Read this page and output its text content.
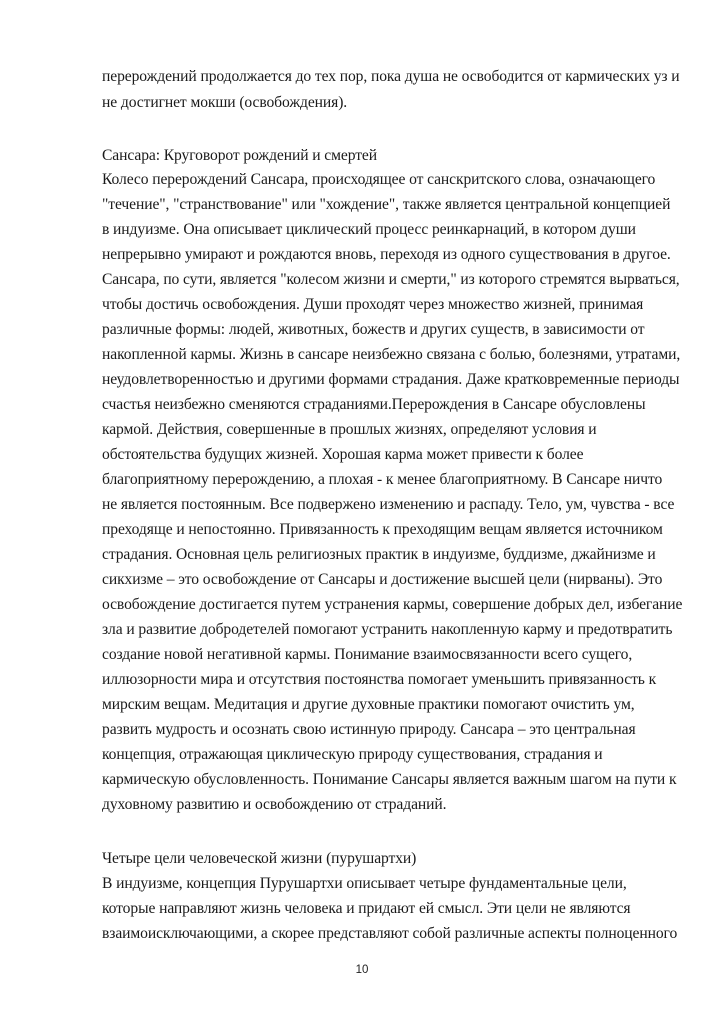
перерождений продолжается до тех пор, пока душа не освободится от кармических уз и
не достигнет мокши (освобождения).
Сансара: Круговорот рождений и смертей
Колесо перерождений Сансара, происходящее от санскритского слова, означающего
"течение", "странствование" или "хождение", также является центральной концепцией
в индуизме. Она описывает циклический процесс реинкарнаций, в котором души
непрерывно умирают и рождаются вновь, переходя из одного существования в другое.
Сансара, по сути, является "колесом жизни и смерти," из которого стремятся вырваться,
чтобы достичь освобождения. Души проходят через множество жизней, принимая
различные формы: людей, животных, божеств и других существ, в зависимости от
накопленной кармы. Жизнь в сансаре неизбежно связана с болью, болезнями, утратами,
неудовлетворенностью и другими формами страдания. Даже кратковременные периоды
счастья неизбежно сменяются страданиями.Перерождения в Сансаре обусловлены
кармой. Действия, совершенные в прошлых жизнях, определяют условия и
обстоятельства будущих жизней. Хорошая карма может привести к более
благоприятному перерождению, а плохая - к менее благоприятному. В Сансаре ничто
не является постоянным. Все подвержено изменению и распаду. Тело, ум, чувства - все
преходяще и непостоянно. Привязанность к преходящим вещам является источником
страдания. Основная цель религиозных практик в индуизме, буддизме, джайнизме и
сикхизме – это освобождение от Сансары и достижение высшей цели (нирваны). Это
освобождение достигается путем устранения кармы, совершение добрых дел, избегание
зла и развитие добродетелей помогают устранить накопленную карму и предотвратить
создание новой негативной кармы. Понимание взаимосвязанности всего сущего,
иллюзорности мира и отсутствия постоянства помогает уменьшить привязанность к
мирским вещам. Медитация и другие духовные практики помогают очистить ум,
развить мудрость и осознать свою истинную природу. Сансара – это центральная
концепция, отражающая циклическую природу существования, страдания и
кармическую обусловленность. Понимание Сансары является важным шагом на пути к
духовному развитию и освобождению от страданий.
Четыре цели человеческой жизни (пурушартхи)
В индуизме, концепция Пурушартхи описывает четыре фундаментальные цели,
которые направляют жизнь человека и придают ей смысл. Эти цели не являются
взаимоисключающими, а скорее представляют собой различные аспекты полноценного
10
